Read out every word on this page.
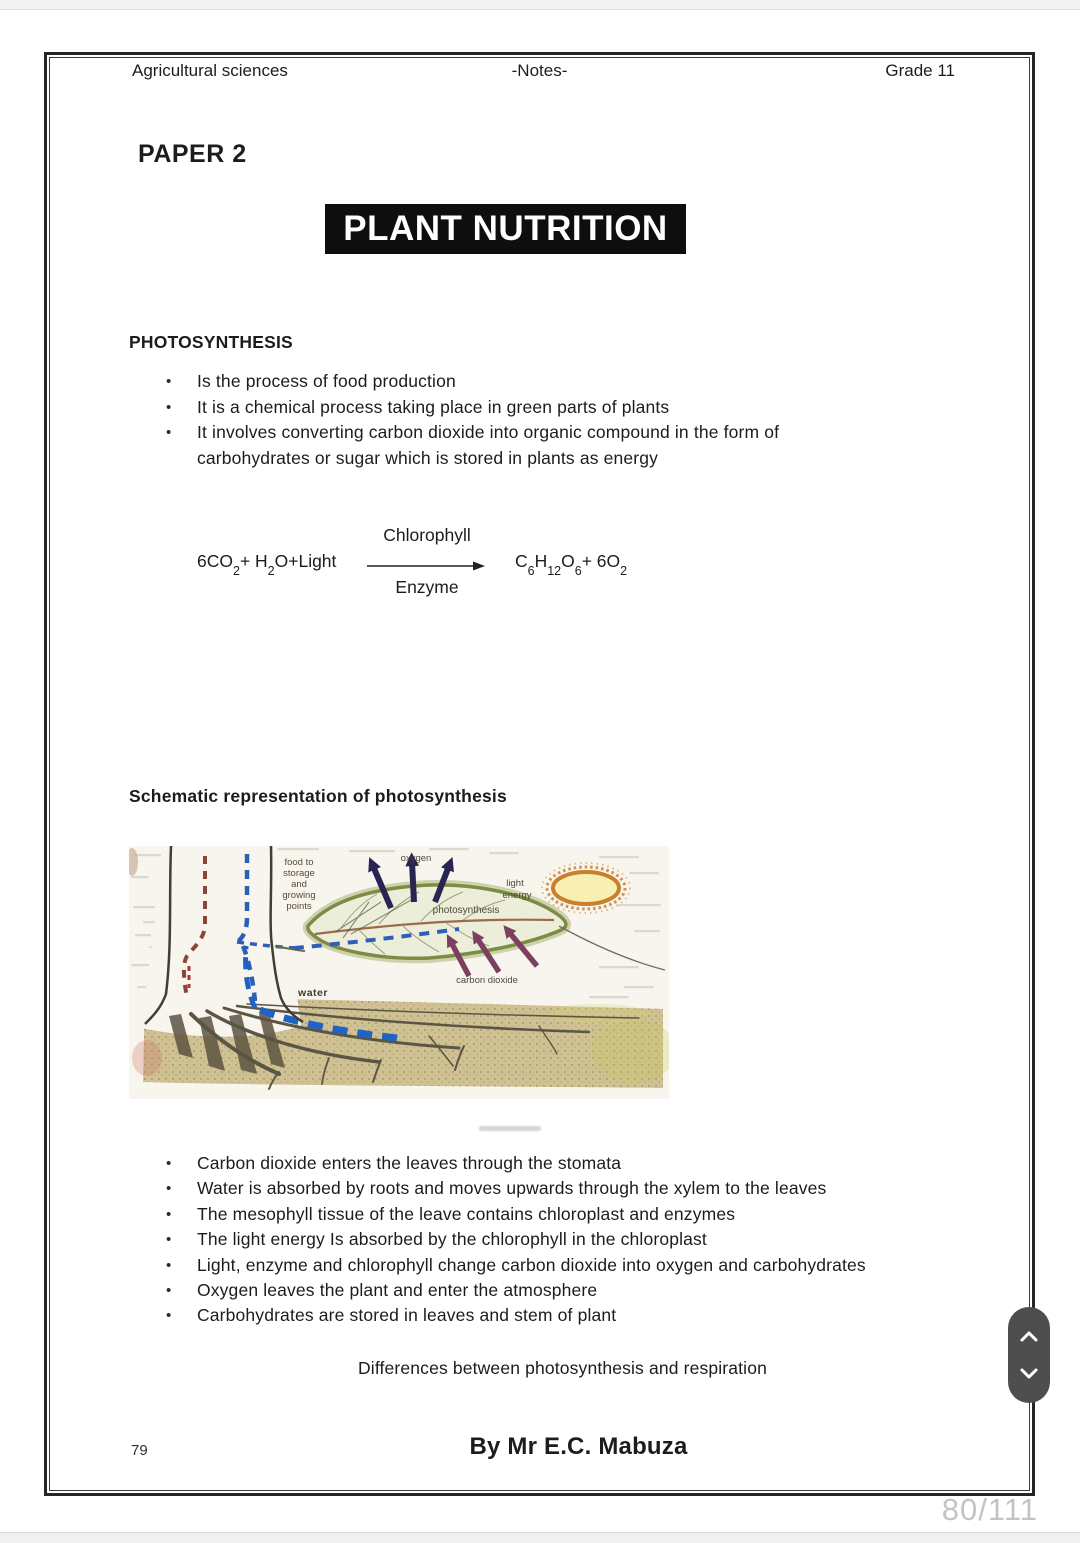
Agricultural sciences	-Notes-	Grade 11
PAPER 2
PLANT NUTRITION
PHOTOSYNTHESIS
• Is the process of food production
• It is a chemical process taking place in green parts of plants
• It involves converting carbon dioxide into organic compound in the form of carbohydrates or sugar which is stored in plants as energy
Chlorophyll
$6CO_2+$ $H_2O+Light$	$C_6H_{12}O_6+ 6O_2$
Enzyme
Schematic representation of photosynthesis
oxygen
light
energy
photosynthesis
carbon dioxide
water
food to
storage
and
growing
points
• Carbon dioxide enters the leaves through the stomata
• Water is absorbed by roots and moves upwards through the xylem to the leaves
• The mesophyll tissue of the leave contains chloroplast and enzymes
• The light energy Is absorbed by the chlorophyll in the chloroplast
• Light, enzyme and chlorophyll change carbon dioxide into oxygen and carbohydrates
• Oxygen leaves the plant and enter the atmosphere
• Carbohydrates are stored in leaves and stem of plant
Differences between photosynthesis and respiration
79	By Mr E.C. Mabuza
80/111
